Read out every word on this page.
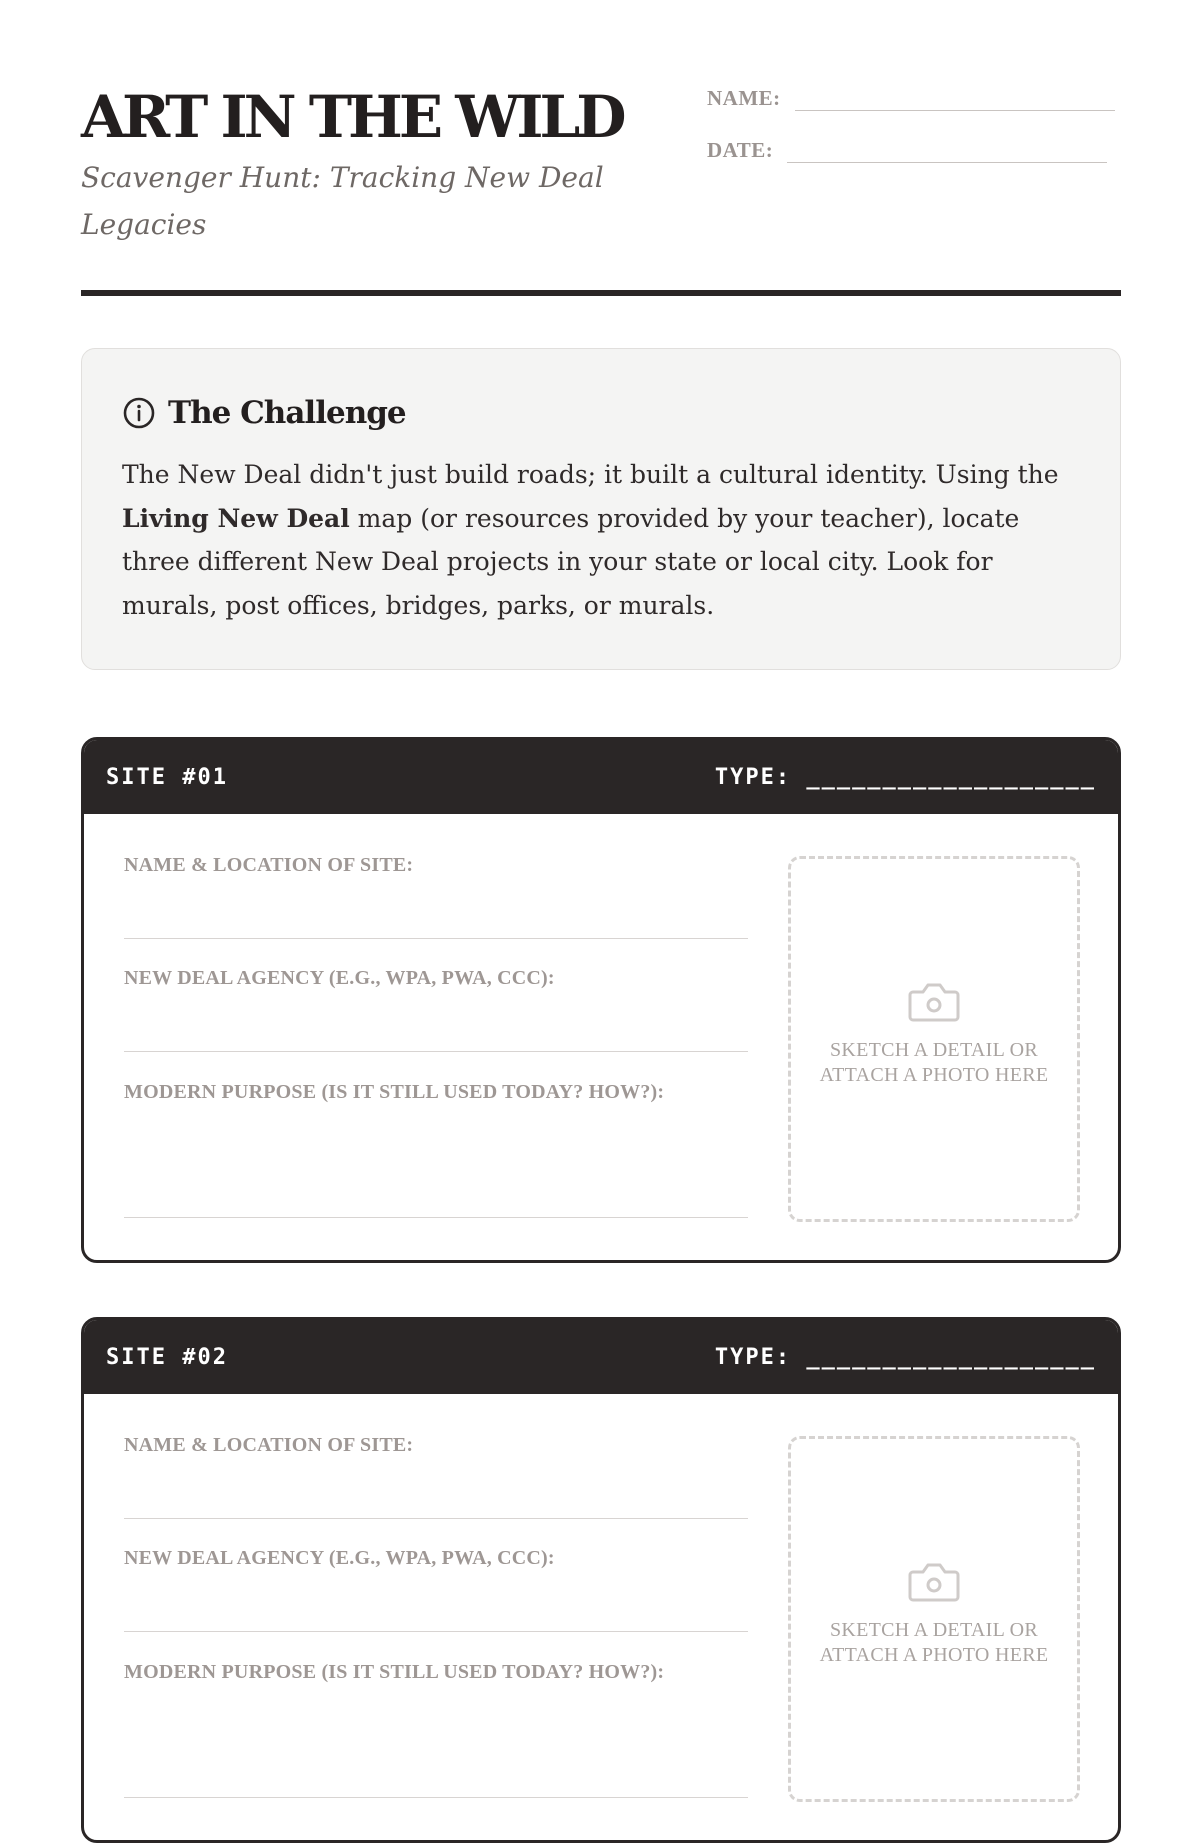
ART IN THE WILD

Scavenger Hunt: Tracking New Deal Legacies

NAME:
DATE:
The Challenge

The New Deal didn't just build roads; it built a cultural identity. Using the Living New Deal map (or resources provided by your teacher), locate three different New Deal projects in your state or local city. Look for murals, post offices, bridges, parks, or murals.

SITE #01	TYPE: ___________________
NAME & LOCATION OF SITE:
NEW DEAL AGENCY (E.G., WPA, PWA, CCC):
MODERN PURPOSE (IS IT STILL USED TODAY? HOW?):
SKETCH A DETAIL OR ATTACH A PHOTO HERE
SITE #02	TYPE: ___________________
NAME & LOCATION OF SITE:
NEW DEAL AGENCY (E.G., WPA, PWA, CCC):
MODERN PURPOSE (IS IT STILL USED TODAY? HOW?):
SKETCH A DETAIL OR ATTACH A PHOTO HERE
